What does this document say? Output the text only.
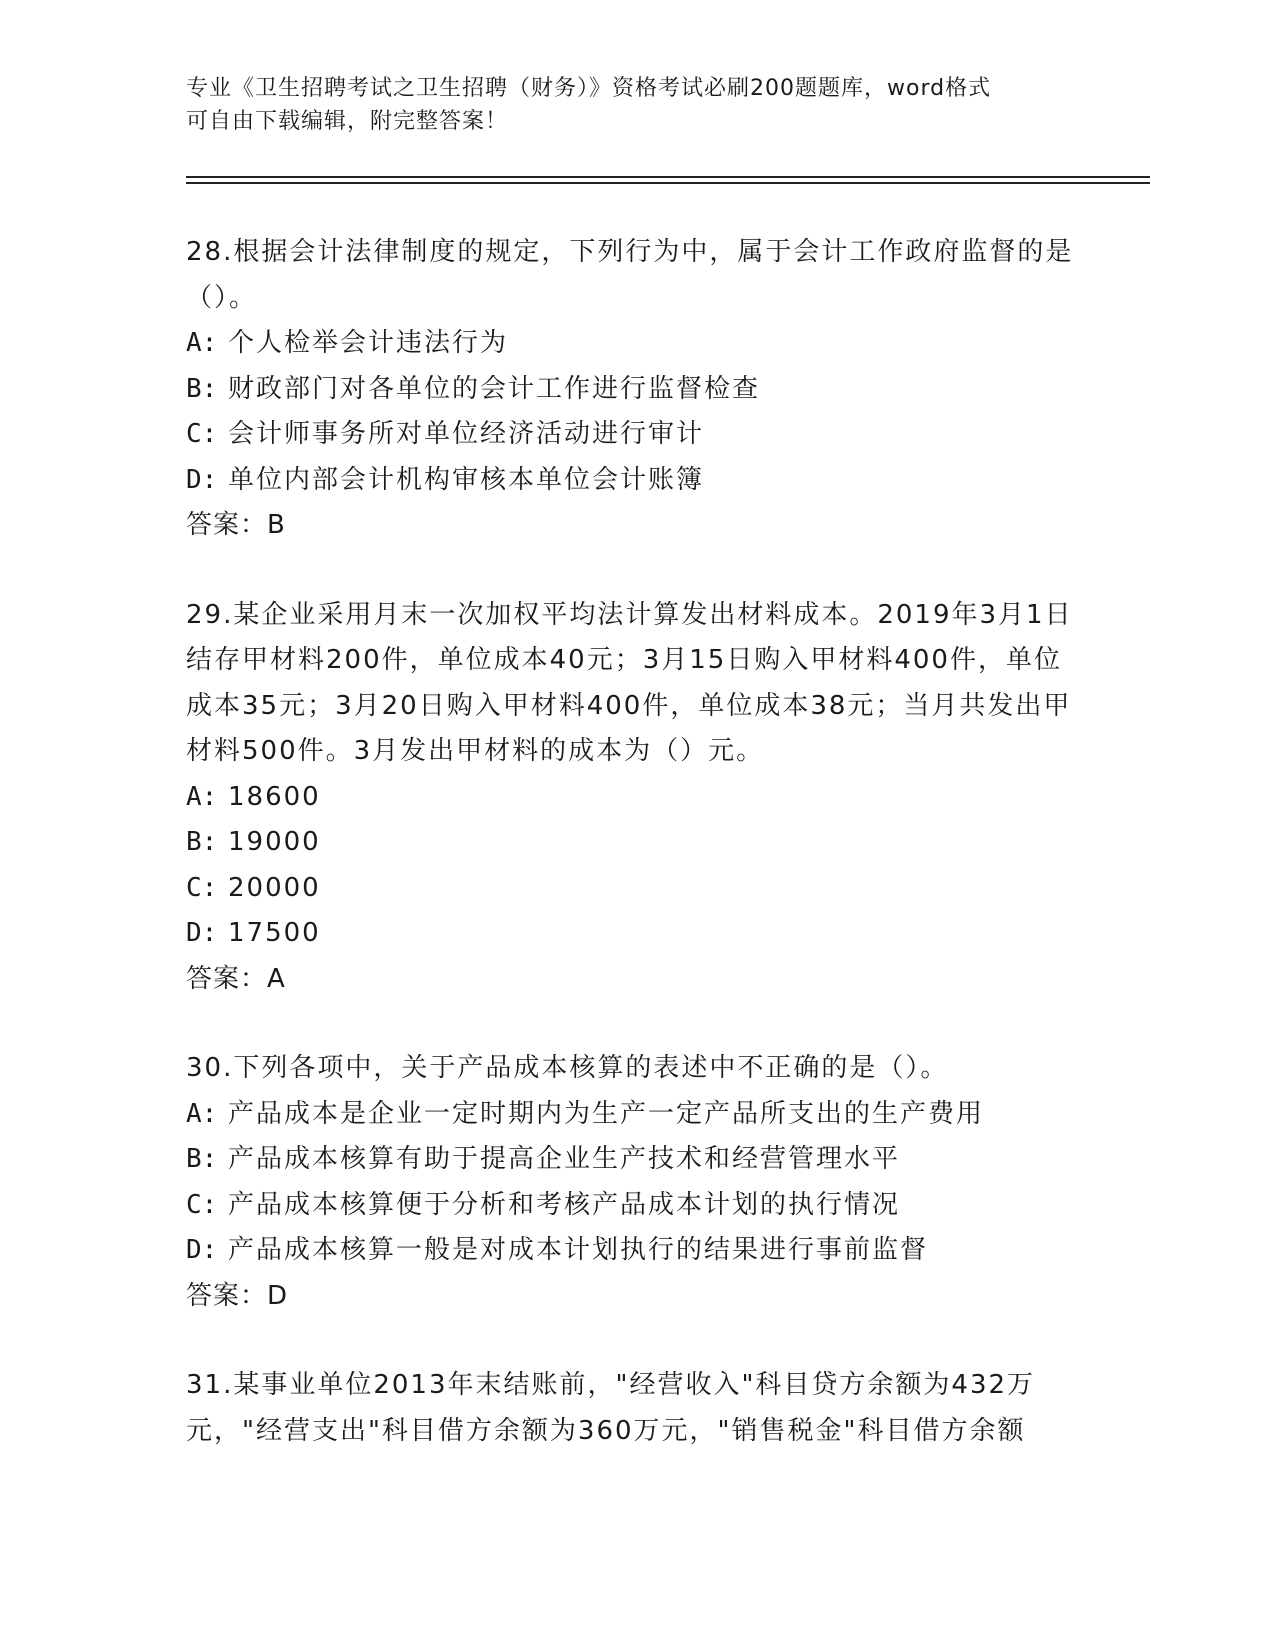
专业《卫生招聘考试之卫生招聘（财务）》资格考试必刷200题题库，word格式
可自由下载编辑，附完整答案！

28.根据会计法律制度的规定，下列行为中，属于会计工作政府监督的是（）。

A: 个人检举会计违法行为

B: 财政部门对各单位的会计工作进行监督检查

C: 会计师事务所对单位经济活动进行审计

D: 单位内部会计机构审核本单位会计账簿

答案：B

29.某企业采用月末一次加权平均法计算发出材料成本。2019年3月1日结存甲材料200件，单位成本40元；3月15日购入甲材料400件，单位成本35元；3月20日购入甲材料400件，单位成本38元；当月共发出甲材料500件。3月发出甲材料的成本为（）元。

A: 18600

B: 19000

C: 20000

D: 17500

答案：A

30.下列各项中，关于产品成本核算的表述中不正确的是（）。

A: 产品成本是企业一定时期内为生产一定产品所支出的生产费用

B: 产品成本核算有助于提高企业生产技术和经营管理水平

C: 产品成本核算便于分析和考核产品成本计划的执行情况

D: 产品成本核算一般是对成本计划执行的结果进行事前监督

答案：D

31.某事业单位2013年末结账前，"经营收入"科目贷方余额为432万元，"经营支出"科目借方余额为360万元，"销售税金"科目借方余额
